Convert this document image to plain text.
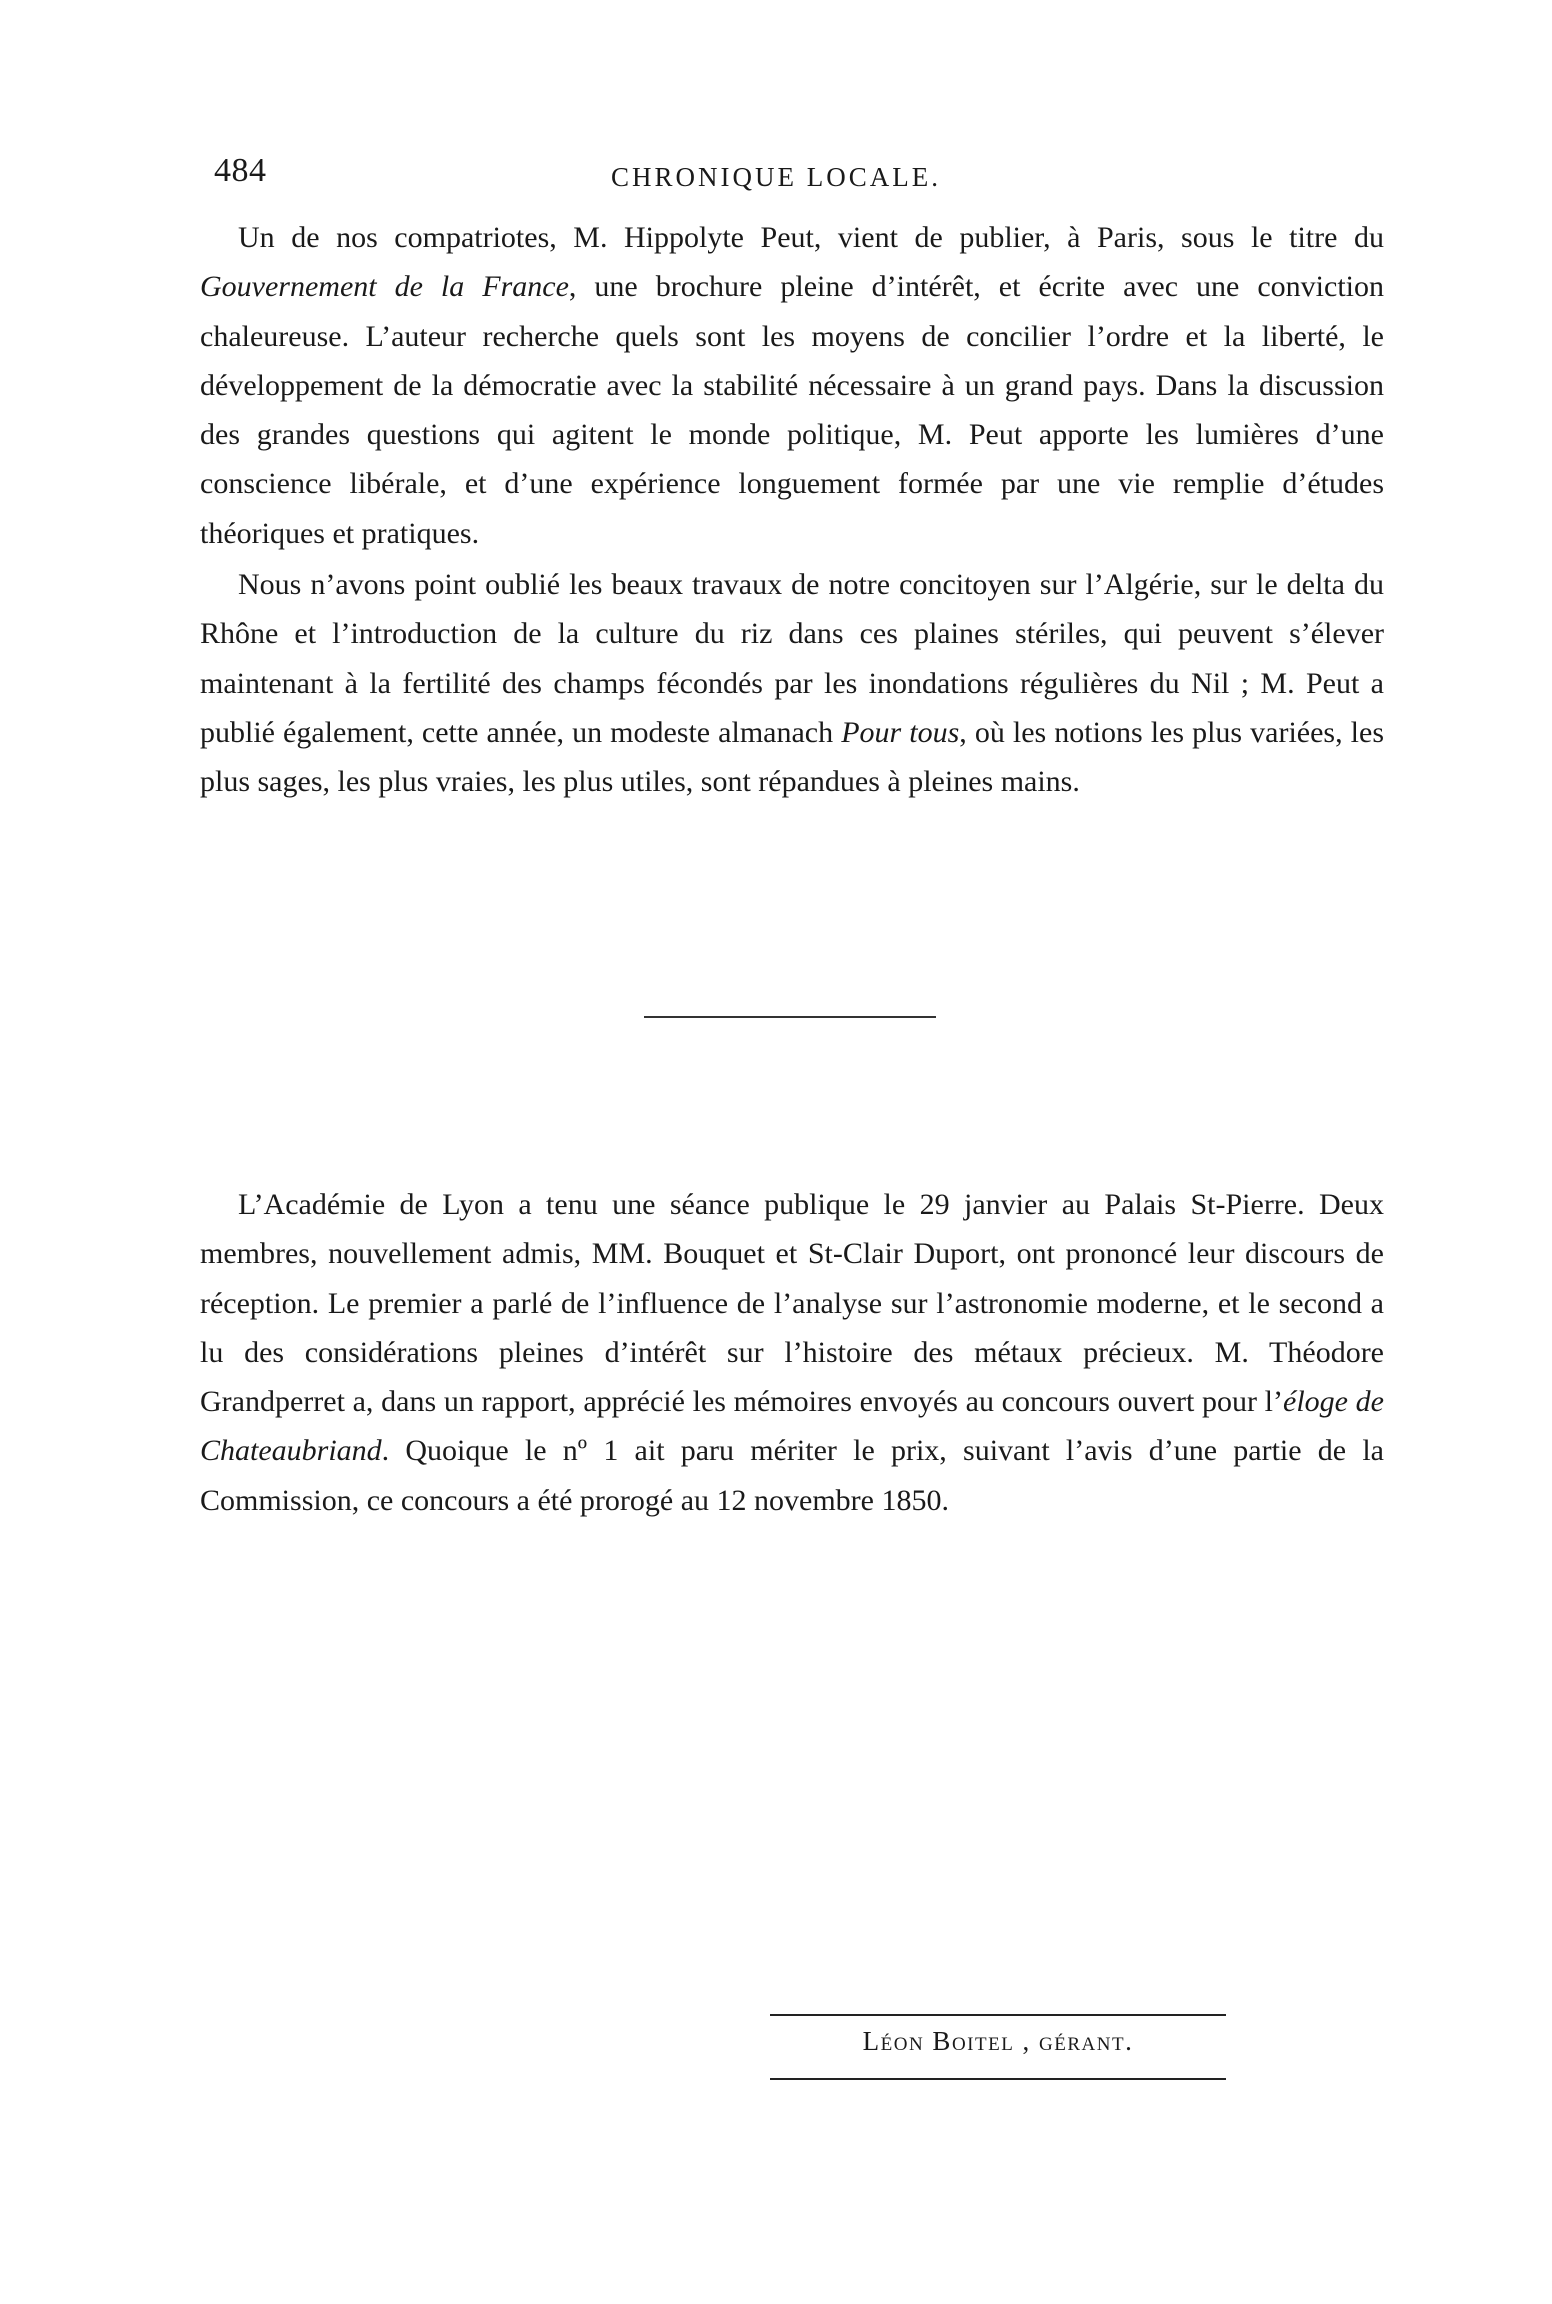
484	CHRONIQUE LOCALE.

Un de nos compatriotes, M. Hippolyte Peut, vient de publier, à Paris, sous le titre du Gouvernement de la France, une brochure pleine d’intérêt, et écrite avec une conviction chaleureuse. L’auteur recherche quels sont les moyens de concilier l’ordre et la liberté, le développement de la démocratie avec la stabilité nécessaire à un grand pays. Dans la discussion des grandes questions qui agitent le monde politique, M. Peut apporte les lumières d’une conscience libérale, et d’une expérience longuement formée par une vie remplie d’études théoriques et pratiques.

Nous n’avons point oublié les beaux travaux de notre concitoyen sur l’Algérie, sur le delta du Rhône et l’introduction de la culture du riz dans ces plaines stériles, qui peuvent s’élever maintenant à la fertilité des champs fécondés par les inondations régulières du Nil ; M. Peut a publié également, cette année, un modeste almanach Pour tous, où les notions les plus variées, les plus sages, les plus vraies, les plus utiles, sont répandues à pleines mains.

L’Académie de Lyon a tenu une séance publique le 29 janvier au Palais St-Pierre. Deux membres, nouvellement admis, MM. Bouquet et St-Clair Duport, ont prononcé leur discours de réception. Le premier a parlé de l’influence de l’analyse sur l’astronomie moderne, et le second a lu des considérations pleines d’intérêt sur l’histoire des métaux précieux. M. Théodore Grandperret a, dans un rapport, apprécié les mémoires envoyés au concours ouvert pour l’éloge de Chateaubriand. Quoique le nº 1 ait paru mériter le prix, suivant l’avis d’une partie de la Commission, ce concours a été prorogé au 12 novembre 1850.

Léon Boitel , gérant.
